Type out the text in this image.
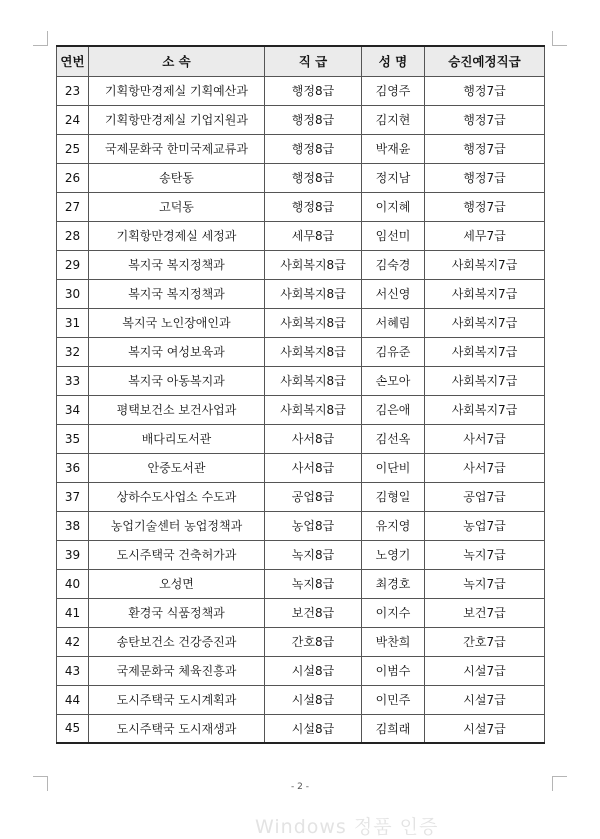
연번	소 속	직 급	성 명	승진예정직급
23	기획항만경제실 기획예산과	행정8급	김영주	행정7급
24	기획항만경제실 기업지원과	행정8급	김지현	행정7급
25	국제문화국 한미국제교류과	행정8급	박재윤	행정7급
26	송탄동	행정8급	정지남	행정7급
27	고덕동	행정8급	이지혜	행정7급
28	기획항만경제실 세정과	세무8급	임선미	세무7급
29	복지국 복지정책과	사회복지8급	김숙경	사회복지7급
30	복지국 복지정책과	사회복지8급	서신영	사회복지7급
31	복지국 노인장애인과	사회복지8급	서혜림	사회복지7급
32	복지국 여성보육과	사회복지8급	김유준	사회복지7급
33	복지국 아동복지과	사회복지8급	손모아	사회복지7급
34	평택보건소 보건사업과	사회복지8급	김은애	사회복지7급
35	배다리도서관	사서8급	김선옥	사서7급
36	안중도서관	사서8급	이단비	사서7급
37	상하수도사업소 수도과	공업8급	김형일	공업7급
38	농업기술센터 농업정책과	농업8급	유지영	농업7급
39	도시주택국 건축허가과	녹지8급	노영기	녹지7급
40	오성면	녹지8급	최경호	녹지7급
41	환경국 식품정책과	보건8급	이지수	보건7급
42	송탄보건소 건강증진과	간호8급	박찬희	간호7급
43	국제문화국 체육진흥과	시설8급	이범수	시설7급
44	도시주택국 도시계획과	시설8급	이민주	시설7급
45	도시주택국 도시재생과	시설8급	김희래	시설7급
- 2 -
Windows 정품 인증
